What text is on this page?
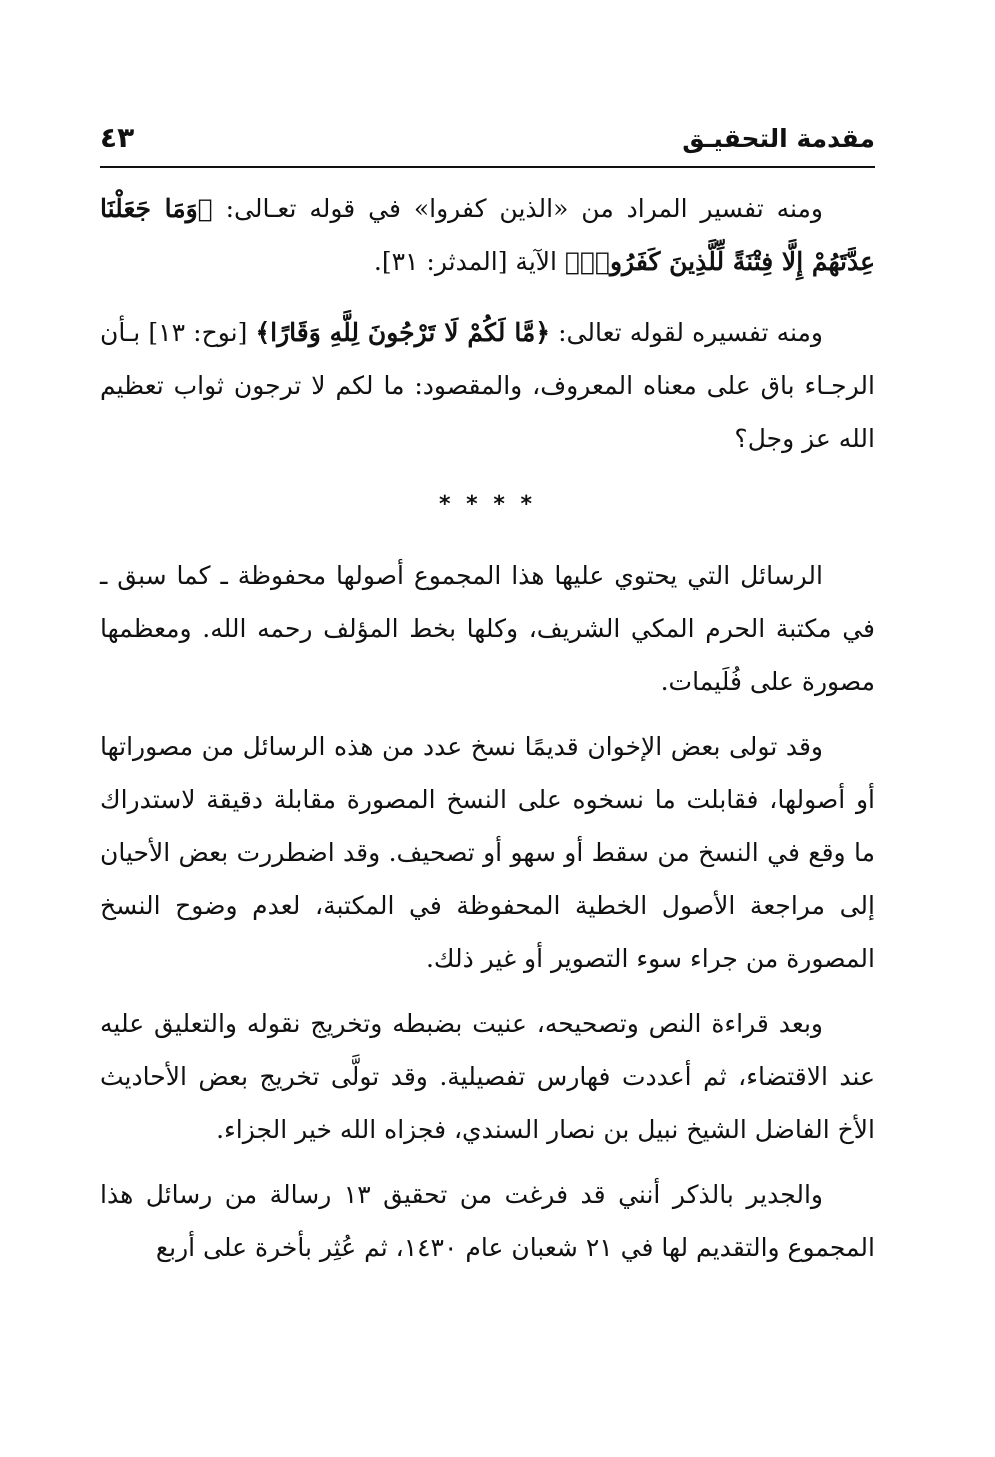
مقدمة التحقيـق
٤٣

ومنه تفسير المراد من «الذين كفروا» في قوله تعـالى: ﴿وَمَا جَعَلْنَا عِدَّتَهُمْ إِلَّا فِتْنَةً لِّلَّذِينَ كَفَرُوا۟﴾ الآية [المدثر: ٣١].

ومنه تفسيره لقوله تعالى: ﴿مَّا لَكُمْ لَا تَرْجُونَ لِلَّهِ وَقَارًا﴾ [نوح: ١٣] بـأن الرجـاء باق على معناه المعروف، والمقصود: ما لكم لا ترجون ثواب تعظيم الله عز وجل؟

* * * *

الرسائل التي يحتوي عليها هذا المجموع أصولها محفوظة ـ كما سبق ـ في مكتبة الحرم المكي الشريف، وكلها بخط المؤلف رحمه الله. ومعظمها مصورة على فُلَيمات.

وقد تولى بعض الإخوان قديمًا نسخ عدد من هذه الرسائل من مصوراتها أو أصولها، فقابلت ما نسخوه على النسخ المصورة مقابلة دقيقة لاستدراك ما وقع في النسخ من سقط أو سهو أو تصحيف. وقد اضطررت بعض الأحيان إلى مراجعة الأصول الخطية المحفوظة في المكتبة، لعدم وضوح النسخ المصورة من جراء سوء التصوير أو غير ذلك.

وبعد قراءة النص وتصحيحه، عنيت بضبطه وتخريج نقوله والتعليق عليه عند الاقتضاء، ثم أعددت فهارس تفصيلية. وقد تولَّى تخريج بعض الأحاديث الأخ الفاضل الشيخ نبيل بن نصار السندي، فجزاه الله خير الجزاء.

والجدير بالذكر أنني قد فرغت من تحقيق ١٣ رسالة من رسائل هذا المجموع والتقديم لها في ٢١ شعبان عام ١٤٣٠، ثم عُثِر بأخرة على أربع
